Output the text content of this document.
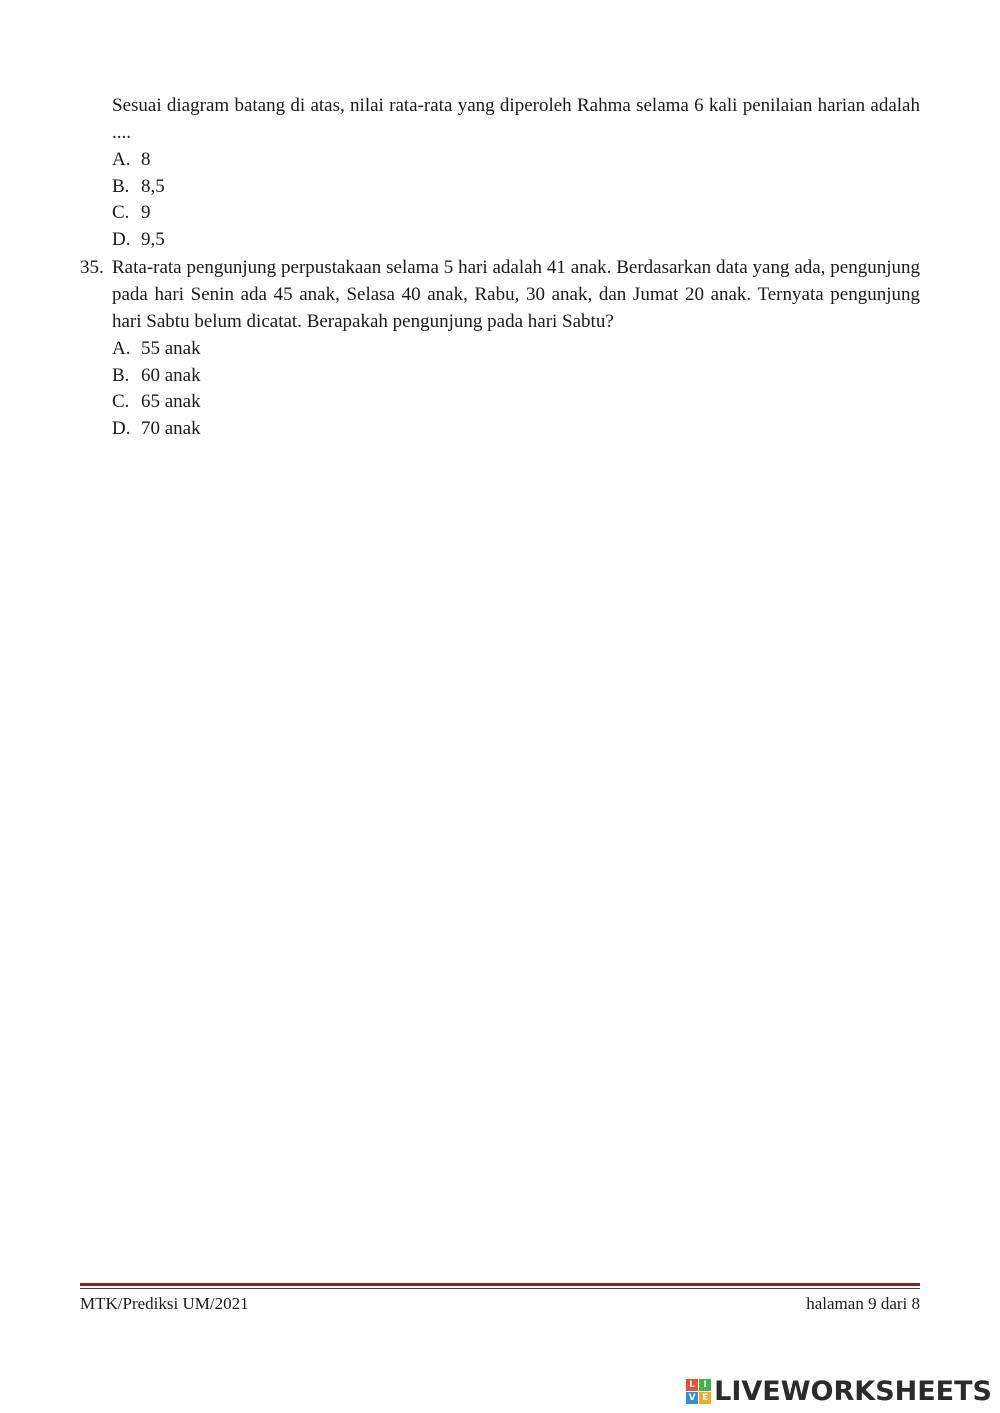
Sesuai diagram batang di atas, nilai rata-rata yang diperoleh Rahma selama 6 kali penilaian harian adalah ....
A. 8
B. 8,5
C. 9
D. 9,5
35. Rata-rata pengunjung perpustakaan selama 5 hari adalah 41 anak. Berdasarkan data yang ada, pengunjung pada hari Senin ada 45 anak, Selasa 40 anak, Rabu, 30 anak, dan Jumat 20 anak. Ternyata pengunjung hari Sabtu belum dicatat. Berapakah pengunjung pada hari Sabtu?
A. 55 anak
B. 60 anak
C. 65 anak
D. 70 anak
MTK/Prediksi UM/2021	halaman 9 dari 8
L I
V E LIVEWORKSHEETS
